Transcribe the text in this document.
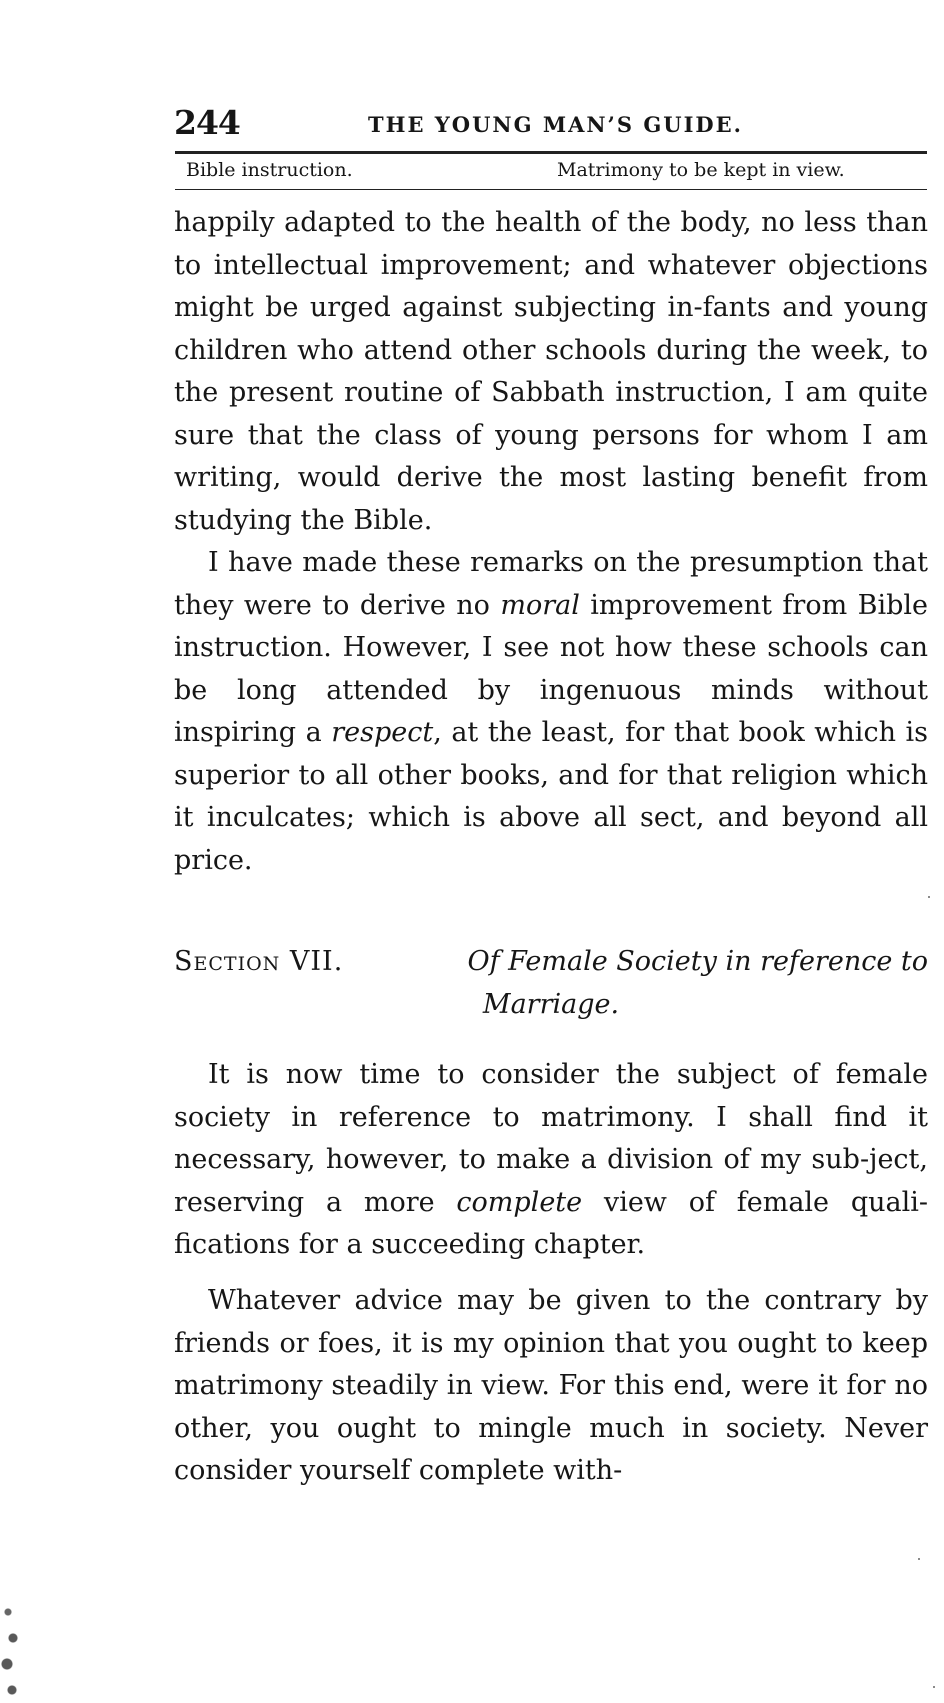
244	THE YOUNG MAN’S GUIDE.
Bible instruction.	Matrimony to be kept in view.

happily adapted to the health of the body, no less than to intellectual improvement; and whatever objections might be urged against subjecting in-fants and young children who attend other schools during the week, to the present routine of Sabbath instruction, I am quite sure that the class of young persons for whom I am writing, would derive the most lasting benefit from studying the Bible.

I have made these remarks on the presumption that they were to derive no moral improvement from Bible instruction. However, I see not how these schools can be long attended by ingenuous minds without inspiring a respect, at the least, for that book which is superior to all other books, and for that religion which it inculcates; which is above all sect, and beyond all price.

Section VII.	Of Female Society in reference to
Marriage.

It is now time to consider the subject of female society in reference to matrimony. I shall find it necessary, however, to make a division of my sub-ject, reserving a more complete view of female quali-fications for a succeeding chapter.

Whatever advice may be given to the contrary by friends or foes, it is my opinion that you ought to keep matrimony steadily in view. For this end, were it for no other, you ought to mingle much in society. Never consider yourself complete with-
